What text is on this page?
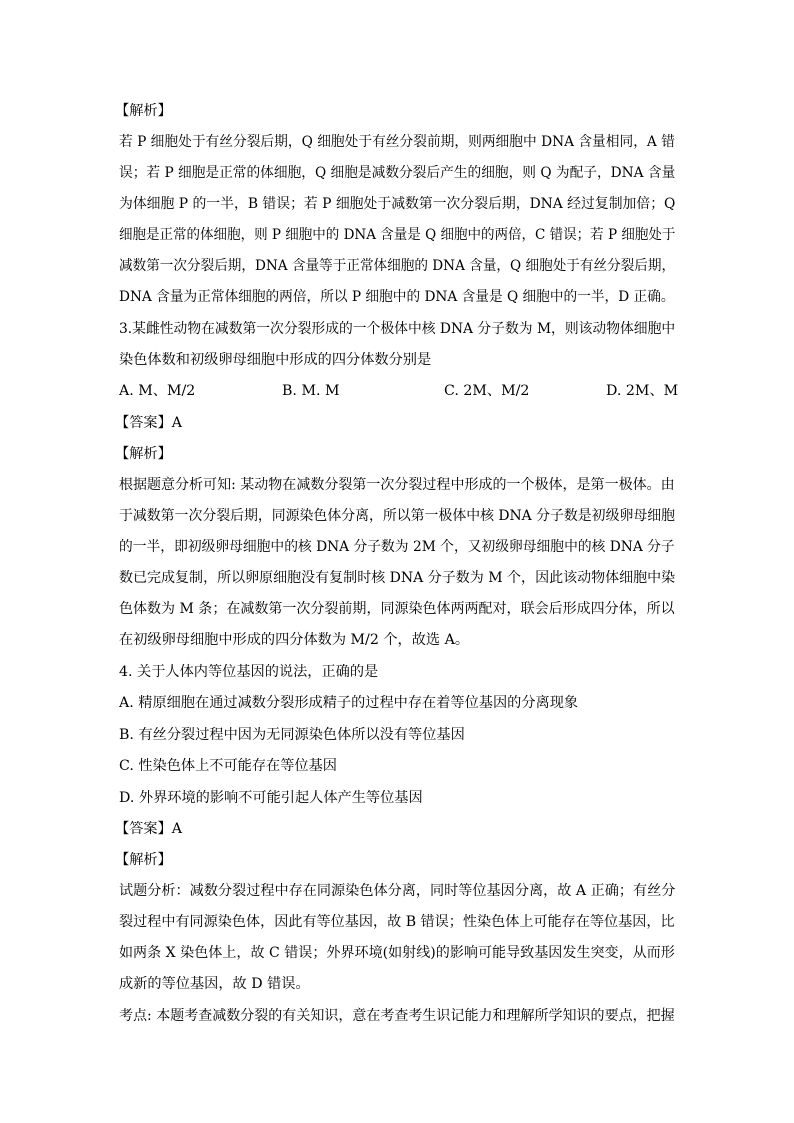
【解析】
若 P 细胞处于有丝分裂后期，Q 细胞处于有丝分裂前期，则两细胞中 DNA 含量相同，A 错
误；若 P 细胞是正常的体细胞，Q 细胞是减数分裂后产生的细胞，则 Q 为配子，DNA 含量
为体细胞 P 的一半，B 错误；若 P 细胞处于减数第一次分裂后期，DNA 经过复制加倍；Q
细胞是正常的体细胞，则 P 细胞中的 DNA 含量是 Q 细胞中的两倍，C 错误；若 P 细胞处于
减数第一次分裂后期，DNA 含量等于正常体细胞的 DNA 含量，Q 细胞处于有丝分裂后期，
DNA 含量为正常体细胞的两倍，所以 P 细胞中的 DNA 含量是 Q 细胞中的一半，D 正确。
3.某雌性动物在减数第一次分裂形成的一个极体中核 DNA 分子数为 M，则该动物体细胞中
染色体数和初级卵母细胞中形成的四分体数分别是
A. M、M/2	B. M. M	C. 2M、M/2	D. 2M、M
【答案】A
【解析】
根据题意分析可知: 某动物在减数分裂第一次分裂过程中形成的一个极体，是第一极体。由
于减数第一次分裂后期，同源染色体分离，所以第一极体中核 DNA 分子数是初级卵母细胞
的一半，即初级卵母细胞中的核 DNA 分子数为 2M 个，又初级卵母细胞中的核 DNA 分子
数已完成复制，所以卵原细胞没有复制时核 DNA 分子数为 M 个，因此该动物体细胞中染
色体数为 M 条；在减数第一次分裂前期，同源染色体两两配对，联会后形成四分体，所以
在初级卵母细胞中形成的四分体数为 M/2 个，故选 A。
4. 关于人体内等位基因的说法，正确的是
A. 精原细胞在通过减数分裂形成精子的过程中存在着等位基因的分离现象
B. 有丝分裂过程中因为无同源染色体所以没有等位基因
C. 性染色体上不可能存在等位基因
D. 外界环境的影响不可能引起人体产生等位基因
【答案】A
【解析】
试题分析：减数分裂过程中存在同源染色体分离，同时等位基因分离，故 A 正确；有丝分
裂过程中有同源染色体，因此有等位基因，故 B 错误；性染色体上可能存在等位基因，比
如两条 X 染色体上，故 C 错误；外界环境(如射线)的影响可能导致基因发生突变，从而形
成新的等位基因，故 D 错误。
考点: 本题考查减数分裂的有关知识，意在考查考生识记能力和理解所学知识的要点，把握
